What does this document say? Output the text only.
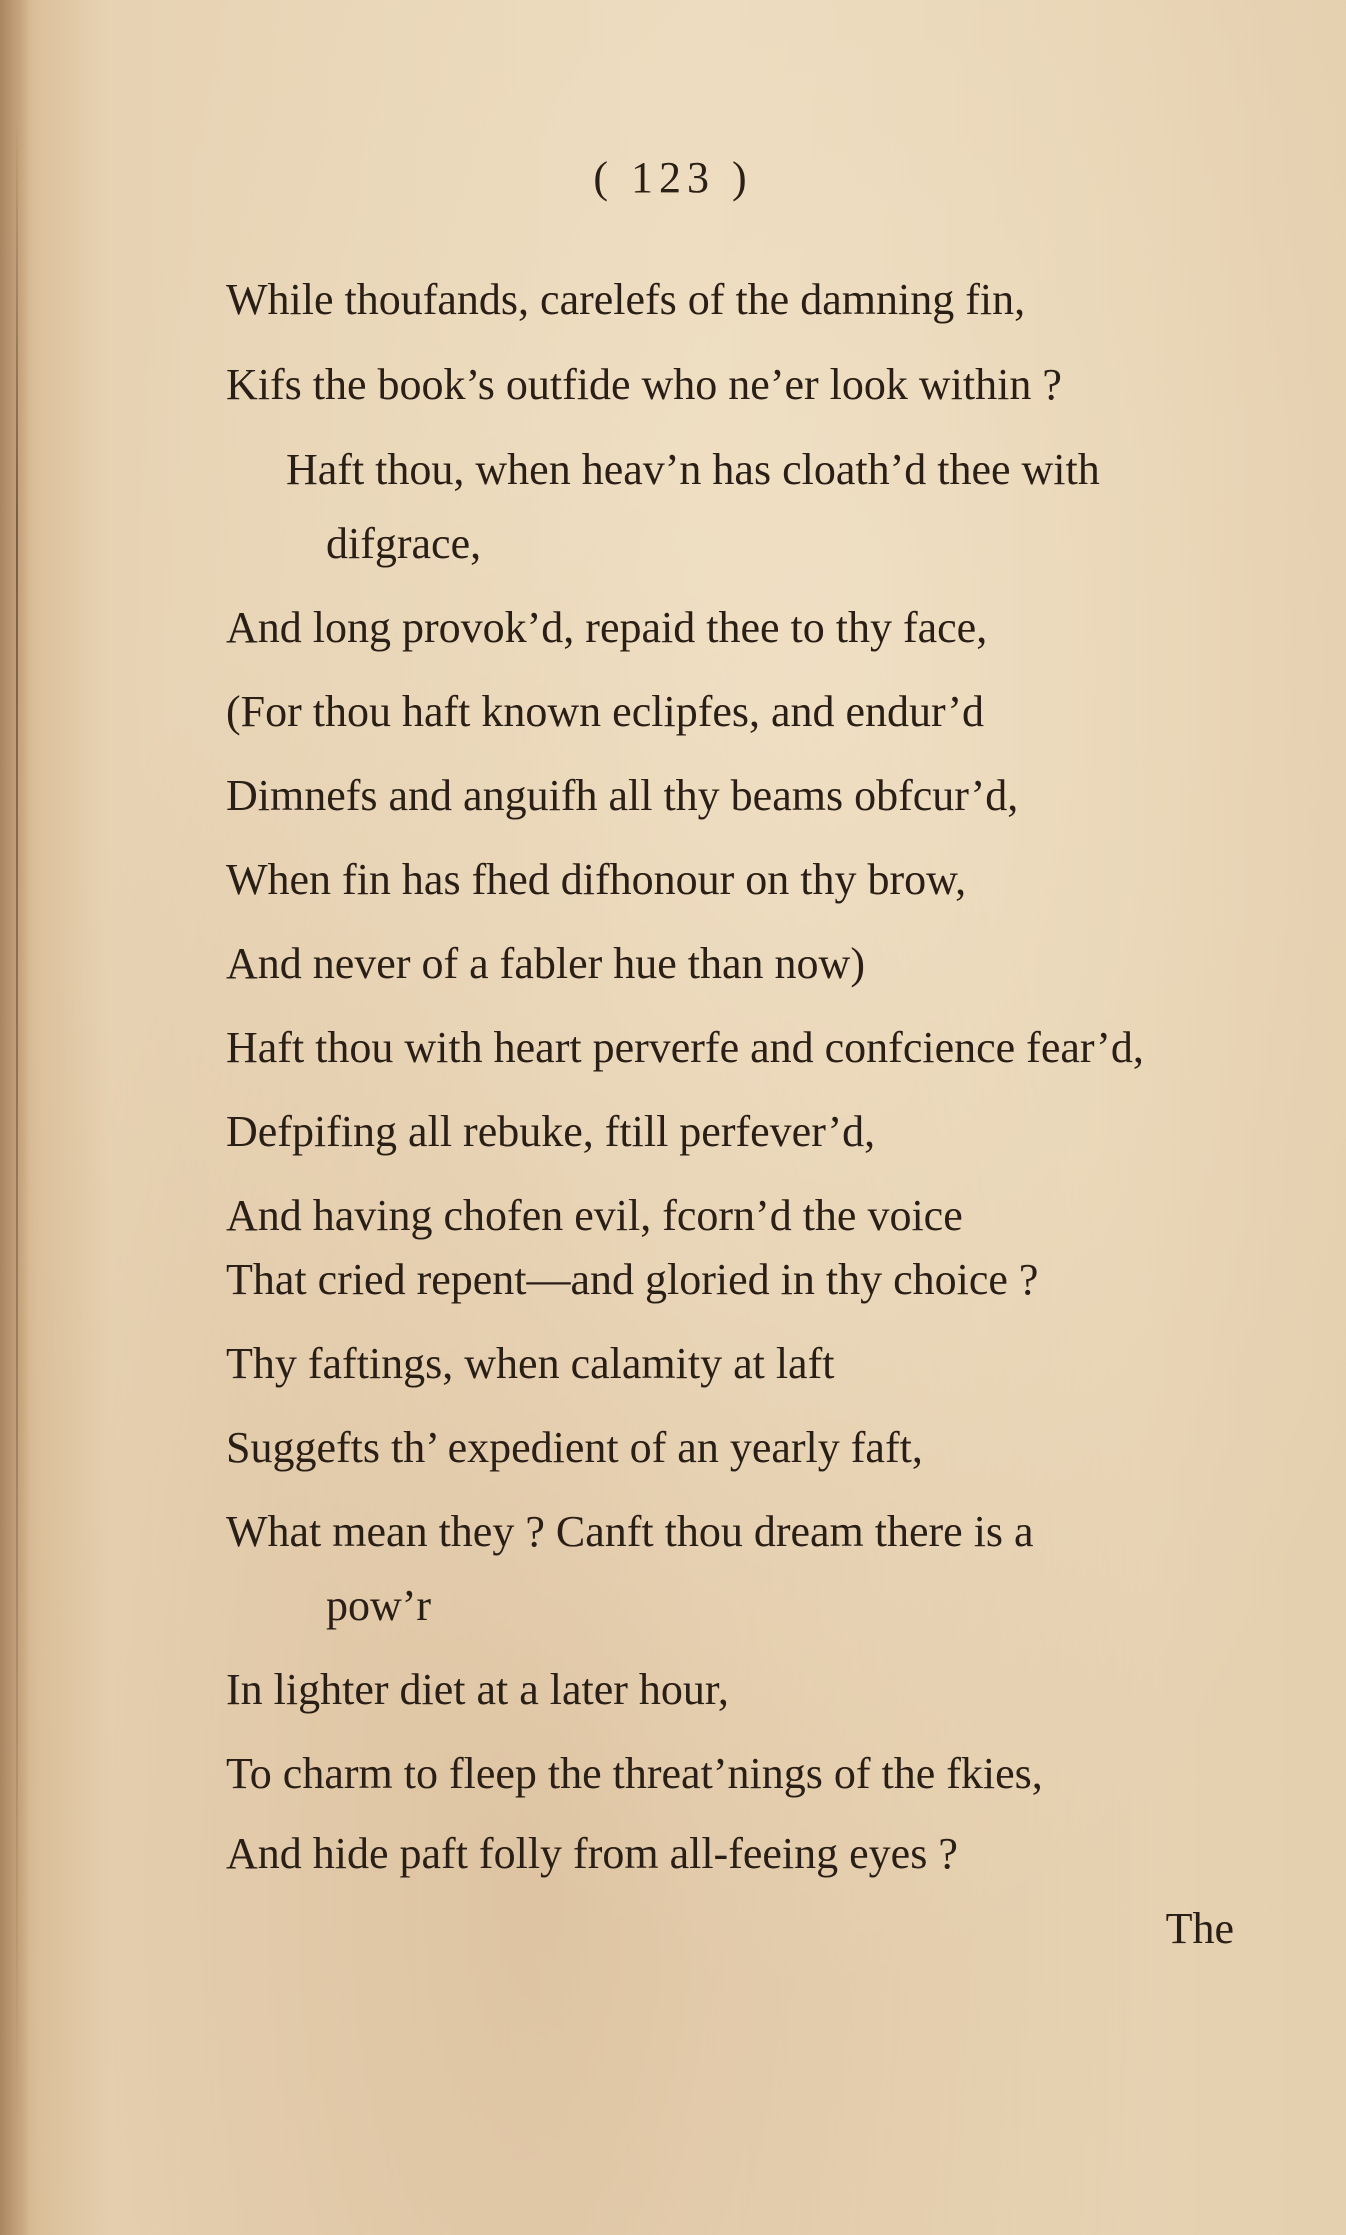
( 123 )
While thoufands, carelefs of the damning fin,
Kifs the book’s outfide who ne’er look within ?
Haft thou, when heav’n has cloath’d thee with
difgrace,
And long provok’d, repaid thee to thy face,
(For thou haft known eclipfes, and endur’d
Dimnefs and anguifh all thy beams obfcur’d,
When fin has fhed difhonour on thy brow,
And never of a fabler hue than now)
Haft thou with heart perverfe and confcience fear’d,
Defpifing all rebuke, ftill perfever’d,
And having chofen evil, fcorn’d the voice
That cried repent—and gloried in thy choice ?
Thy faftings, when calamity at laft
Suggefts th’ expedient of an yearly faft,
What mean they ? Canft thou dream there is a
pow’r
In lighter diet at a later hour,
To charm to fleep the threat’nings of the fkies,
And hide paft folly from all-feeing eyes ?
The
